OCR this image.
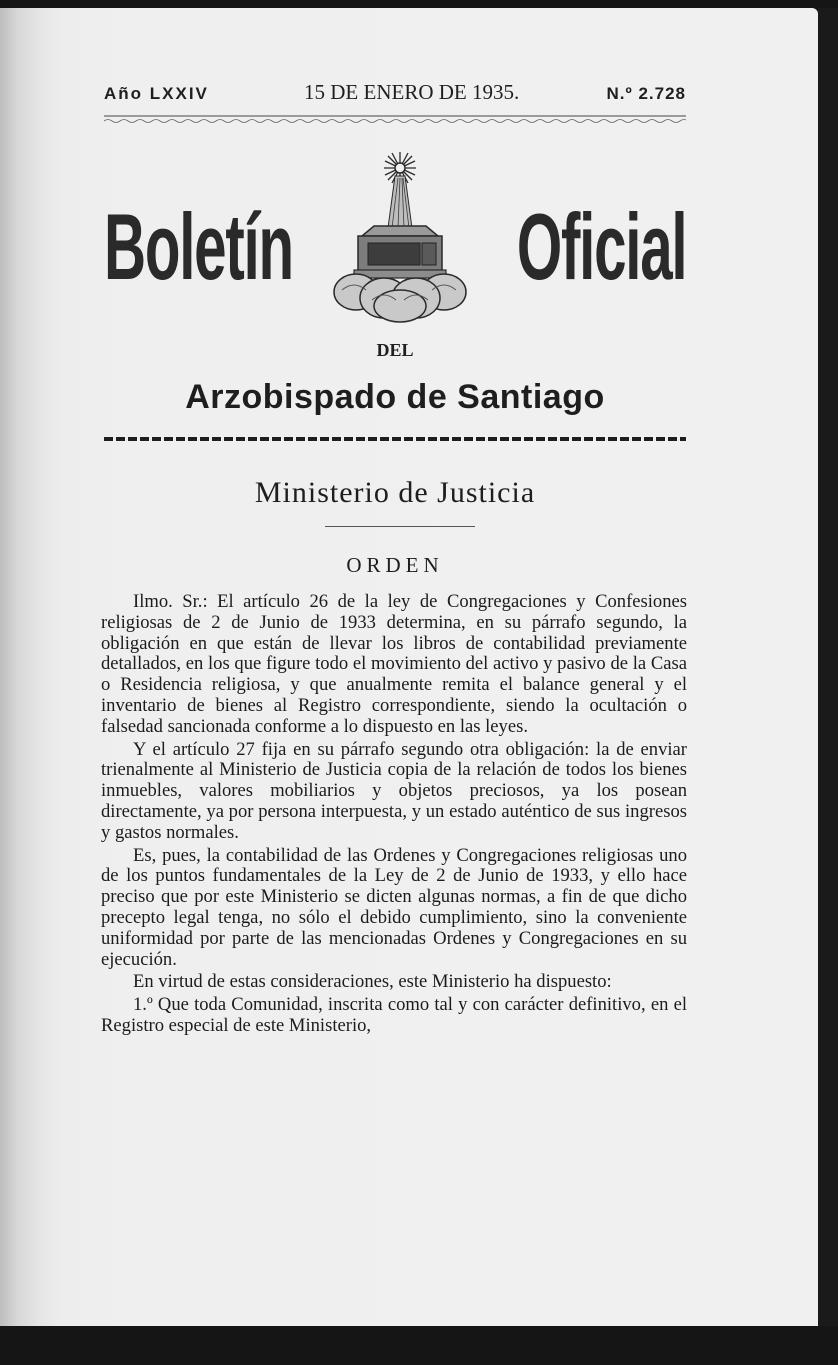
Año LXXIV	15 DE ENERO DE 1935.	N.º 2.728
Boletín Oficial
DEL
Arzobispado de Santiago
Ministerio de Justicia
ORDEN

Ilmo. Sr.: El artículo 26 de la ley de Congregaciones y Confesiones religiosas de 2 de Junio de 1933 determina, en su párrafo segundo, la obligación en que están de llevar los libros de contabilidad previamente detallados, en los que figure todo el movimiento del activo y pasivo de la Casa o Residencia religiosa, y que anualmente remita el balance general y el inventario de bienes al Registro correspondiente, siendo la ocultación o falsedad sancionada conforme a lo dispuesto en las leyes.

Y el artículo 27 fija en su párrafo segundo otra obligación: la de enviar trienalmente al Ministerio de Justicia copia de la relación de todos los bienes inmuebles, valores mobiliarios y objetos preciosos, ya los posean directamente, ya por persona interpuesta, y un estado auténtico de sus ingresos y gastos normales.

Es, pues, la contabilidad de las Ordenes y Congregaciones religiosas uno de los puntos fundamentales de la Ley de 2 de Junio de 1933, y ello hace preciso que por este Ministerio se dicten algunas normas, a fin de que dicho precepto legal tenga, no sólo el debido cumplimiento, sino la conveniente uniformidad por parte de las mencionadas Ordenes y Congregaciones en su ejecución.

En virtud de estas consideraciones, este Ministerio ha dispuesto:

1.º Que toda Comunidad, inscrita como tal y con carácter definitivo, en el Registro especial de este Ministerio,
